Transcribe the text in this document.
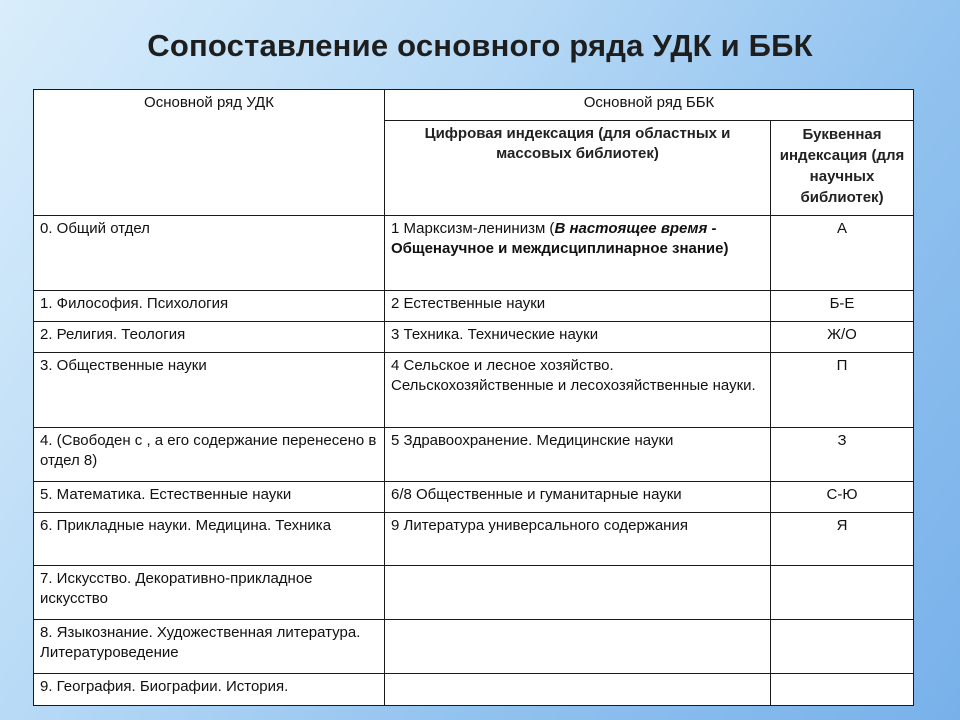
Сопоставление основного ряда УДК и ББК
Основной ряд УДК	Основной ряд ББК	
	Цифровая индексация (для областных и массовых библиотек)	Буквенная индексация (для научных библиотек)
0. Общий отдел	1 Марксизм-ленинизм (В настоящее время - Общенаучное и междисциплинарное знание)	А
1. Философия. Психология	2 Естественные науки	Б-Е
2. Религия. Теология	3 Техника. Технические науки	Ж/О
3. Общественные науки	4 Сельское и лесное хозяйство. Сельскохозяйственные и лесохозяйственные науки.	П
4. (Свободен с , а его содержание перенесено в отдел 8)	5 Здравоохранение. Медицинские науки	З
5. Математика. Естественные науки	6/8 Общественные и гуманитарные науки	С-Ю
6. Прикладные науки. Медицина. Техника	9 Литература универсального содержания	Я
7. Искусство. Декоративно-прикладное искусство		
8. Языкознание. Художественная литература. Литературоведение		
9. География. Биографии. История.		
